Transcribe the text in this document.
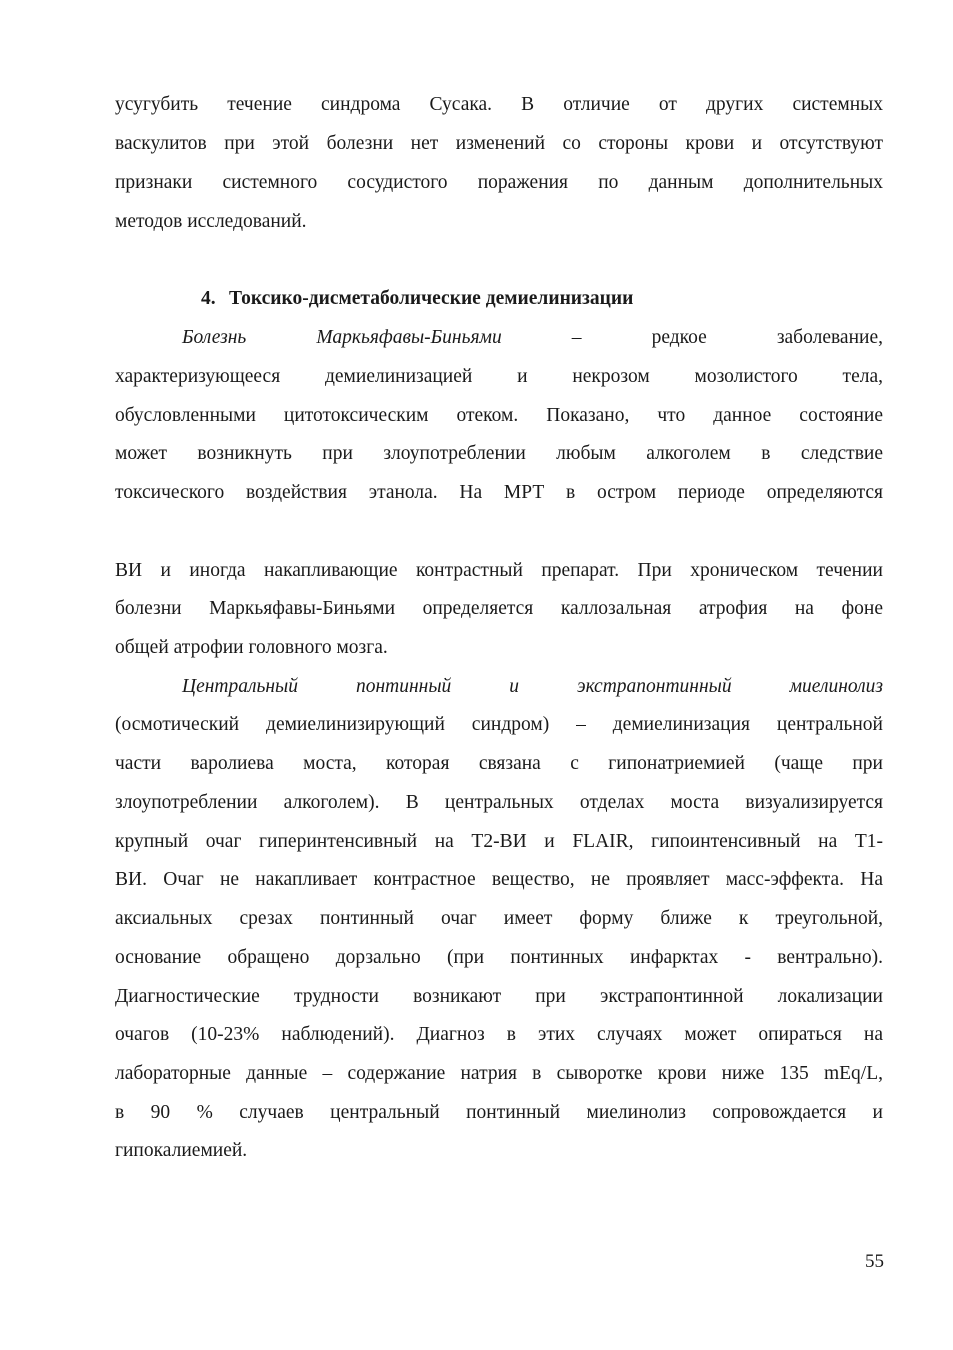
усугубить течение синдрома Сусака. В отличие от других системных
васкулитов при этой болезни нет изменений со стороны крови и отсутствуют
признаки системного сосудистого поражения по данным дополнительных
методов исследований.
4. Токсико-дисметаболические демиелинизации
Болезнь Маркьяфавы-Биньями – редкое заболевание,
характеризующееся демиелинизацией и некрозом мозолистого тела,
обусловленными цитотоксическим отеком. Показано, что данное состояние
может возникнуть при злоупотреблении любым алкоголем в следствие
токсического воздействия этанола. На МРТ в остром периоде определяются
ВИ и иногда накапливающие контрастный препарат. При хроническом течении
болезни Маркьяфавы-Биньями определяется каллозальная атрофия на фоне
общей атрофии головного мозга.
Центральный понтинный и экстрапонтинный миелинолиз
(осмотический демиелинизирующий синдром) – демиелинизация центральной
части варолиева моста, которая связана с гипонатриемией (чаще при
злоупотреблении алкоголем). В центральных отделах моста визуализируется
крупный очаг гиперинтенсивный на Т2-ВИ и FLAIR, гипоинтенсивный на Т1-
ВИ. Очаг не накапливает контрастное вещество, не проявляет масс-эффекта. На
аксиальных срезах понтинный очаг имеет форму ближе к треугольной,
основание обращено дорзально (при понтинных инфарктах - вентрально).
Диагностические трудности возникают при экстрапонтинной локализации
очагов (10-23% наблюдений). Диагноз в этих случаях может опираться на
лабораторные данные – содержание натрия в сыворотке крови ниже 135 mEq/L,
в 90 % случаев центральный понтинный миелинолиз сопровождается и
гипокалиемией.
55
